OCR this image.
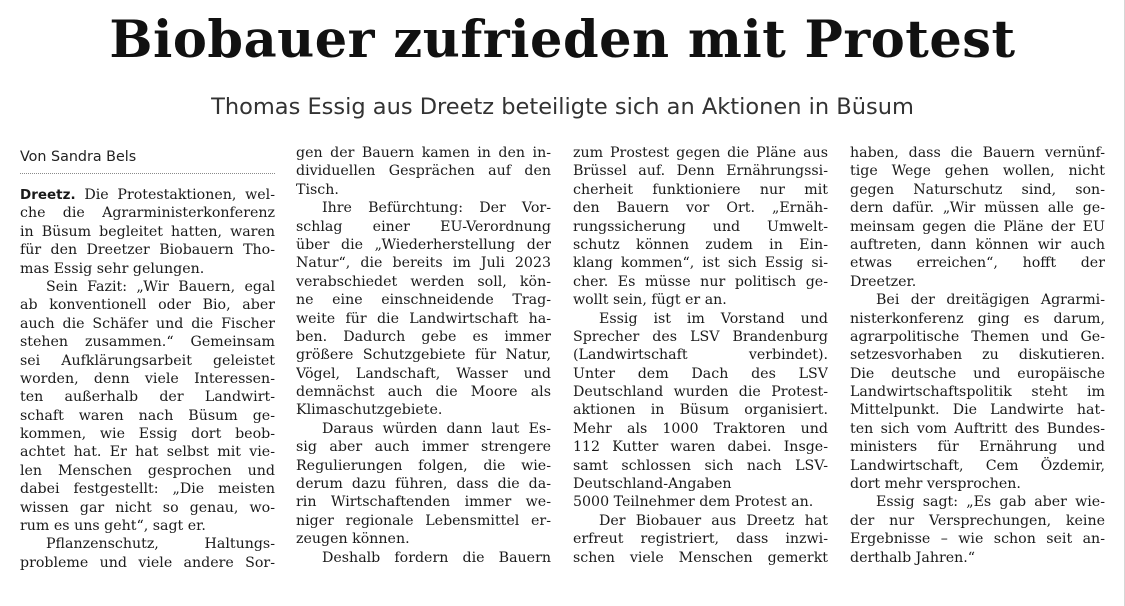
Biobauer zufrieden mit Protest
Thomas Essig aus Dreetz beteiligte sich an Aktionen in Büsum
Von Sandra Bels
Dreetz. Die Protestaktionen, wel-
che die Agrarministerkonferenz
in Büsum begleitet hatten, waren
für den Dreetzer Biobauern Tho-
mas Essig sehr gelungen.
Sein Fazit: „Wir Bauern, egal
ab konventionell oder Bio, aber
auch die Schäfer und die Fischer
stehen zusammen.“ Gemeinsam
sei Aufklärungsarbeit geleistet
worden, denn viele Interessen-
ten außerhalb der Landwirt-
schaft waren nach Büsum ge-
kommen, wie Essig dort beob-
achtet hat. Er hat selbst mit vie-
len Menschen gesprochen und
dabei festgestellt: „Die meisten
wissen gar nicht so genau, wo-
rum es uns geht“, sagt er.
Pflanzenschutz, Haltungs-
probleme und viele andere Sor-
gen der Bauern kamen in den in-
dividuellen Gesprächen auf den
Tisch.
Ihre Befürchtung: Der Vor-
schlag einer EU-Verordnung
über die „Wiederherstellung der
Natur“, die bereits im Juli 2023
verabschiedet werden soll, kön-
ne eine einschneidende Trag-
weite für die Landwirtschaft ha-
ben. Dadurch gebe es immer
größere Schutzgebiete für Natur,
Vögel, Landschaft, Wasser und
demnächst auch die Moore als
Klimaschutzgebiete.
Daraus würden dann laut Es-
sig aber auch immer strengere
Regulierungen folgen, die wie-
derum dazu führen, dass die da-
rin Wirtschaftenden immer we-
niger regionale Lebensmittel er-
zeugen können.
Deshalb fordern die Bauern
zum Prostest gegen die Pläne aus
Brüssel auf. Denn Ernährungssi-
cherheit funktioniere nur mit
den Bauern vor Ort. „Ernäh-
rungssicherung und Umwelt-
schutz können zudem in Ein-
klang kommen“, ist sich Essig si-
cher. Es müsse nur politisch ge-
wollt sein, fügt er an.
Essig ist im Vorstand und
Sprecher des LSV Brandenburg
(Landwirtschaft verbindet).
Unter dem Dach des LSV
Deutschland wurden die Protest-
aktionen in Büsum organisiert.
Mehr als 1000 Traktoren und
112 Kutter waren dabei. Insge-
samt schlossen sich nach LSV-
Deutschland-Angaben
5000 Teilnehmer dem Protest an.
Der Biobauer aus Dreetz hat
erfreut registriert, dass inzwi-
schen viele Menschen gemerkt
haben, dass die Bauern vernünf-
tige Wege gehen wollen, nicht
gegen Naturschutz sind, son-
dern dafür. „Wir müssen alle ge-
meinsam gegen die Pläne der EU
auftreten, dann können wir auch
etwas erreichen“, hofft der
Dreetzer.
Bei der dreitägigen Agrarmi-
nisterkonferenz ging es darum,
agrarpolitische Themen und Ge-
setzesvorhaben zu diskutieren.
Die deutsche und europäische
Landwirtschaftspolitik steht im
Mittelpunkt. Die Landwirte hat-
ten sich vom Auftritt des Bundes-
ministers für Ernährung und
Landwirtschaft, Cem Özdemir,
dort mehr versprochen.
Essig sagt: „Es gab aber wie-
der nur Versprechungen, keine
Ergebnisse – wie schon seit an-
derthalb Jahren.“
